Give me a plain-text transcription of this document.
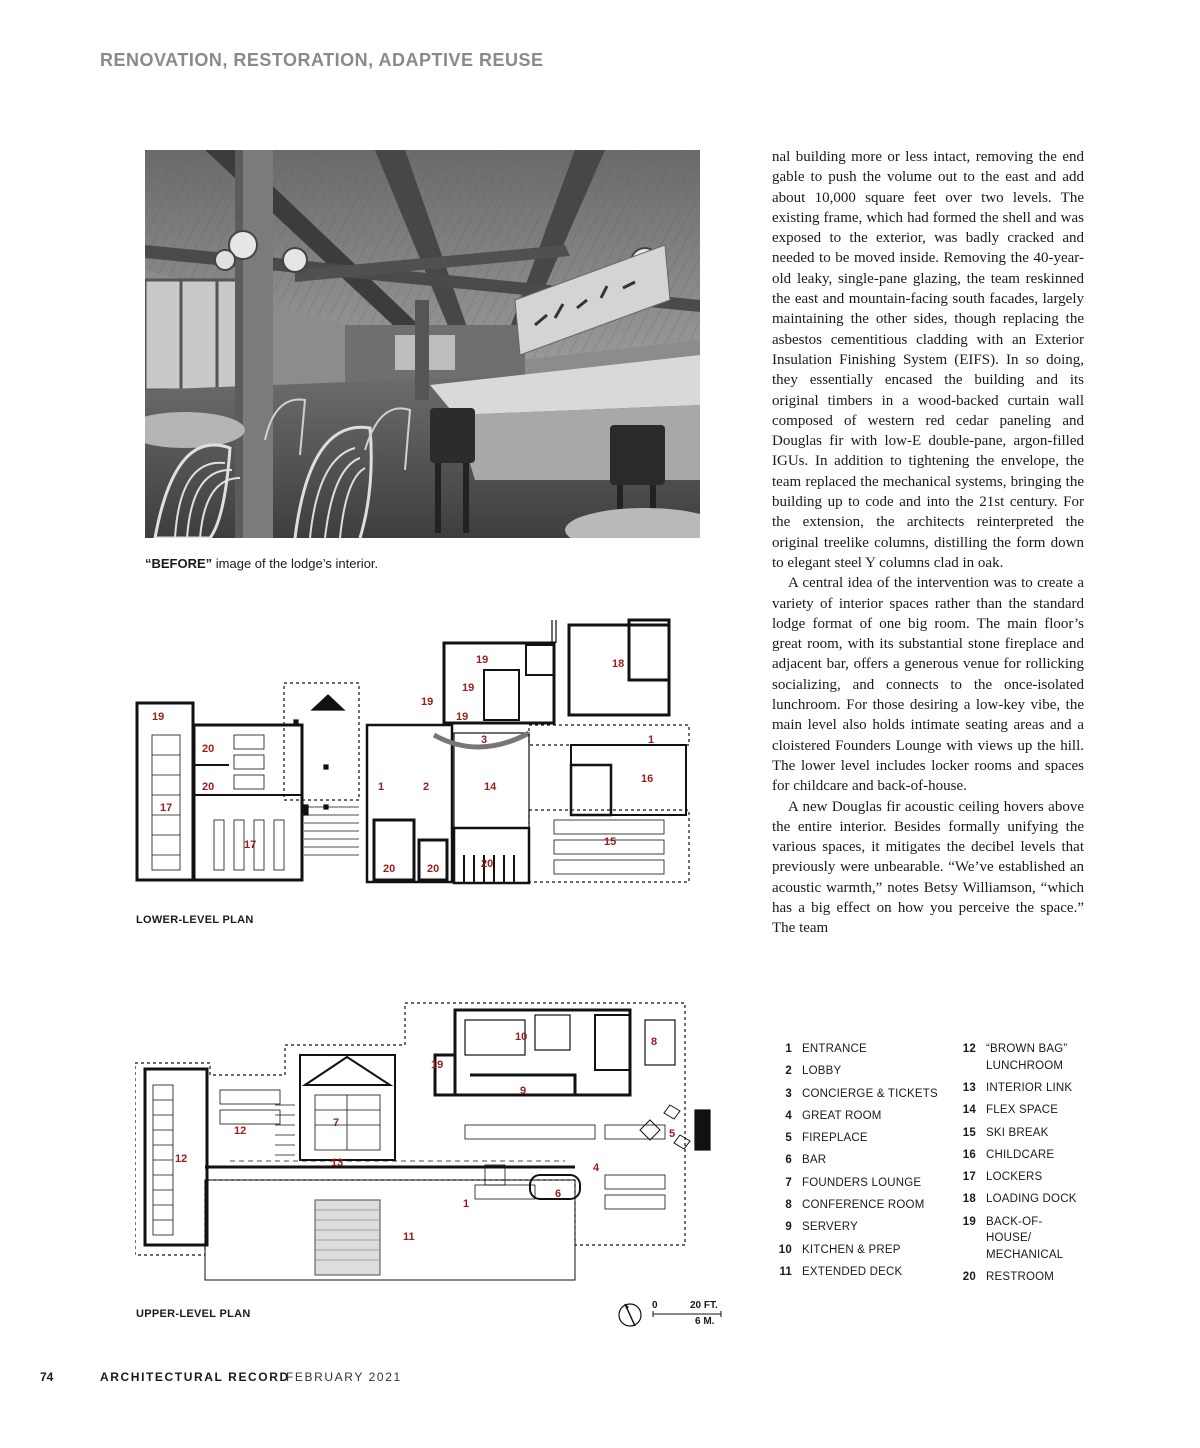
RENOVATION, RESTORATION, ADAPTIVE REUSE
“BEFORE” image of the lodge’s interior.
19
20
20
17
17
19
19
19
19
18
3	1
2
1	14
16
20	20	20
15
LOWER-LEVEL PLAN
10	8
19
9
12
12
7
13
5
4
6
1
11
UPPER-LEVEL PLAN
0	20 FT.
6 M.

nal building more or less intact, removing the end gable to push the volume out to the east and add about 10,000 square feet over two levels. The existing frame, which had formed the shell and was exposed to the exterior, was badly cracked and needed to be moved inside. Removing the 40-year-old leaky, single-pane glazing, the team reskinned the east and mountain-facing south facades, largely maintaining the other sides, though replacing the asbestos cementitious cladding with an Exterior Insulation Finishing System (EIFS). In so doing, they essentially encased the building and its original timbers in a wood-backed curtain wall composed of western red cedar paneling and Douglas fir with low-E double-pane, argon-filled IGUs. In addition to tightening the envelope, the team replaced the mechanical systems, bringing the building up to code and into the 21st century. For the extension, the architects reinterpreted the original treelike columns, distilling the form down to elegant steel Y columns clad in oak.

A central idea of the intervention was to create a variety of interior spaces rather than the standard lodge format of one big room. The main floor’s great room, with its substantial stone fireplace and adjacent bar, offers a generous venue for rollicking socializing, and connects to the once-isolated lunchroom. For those desiring a low-key vibe, the main level also holds intimate seating areas and a cloistered Founders Lounge with views up the hill. The lower level includes locker rooms and spaces for childcare and back-of-house.

A new Douglas fir acoustic ceiling hovers above the entire interior. Besides formally unifying the various spaces, it mitigates the decibel levels that previously were unbearable. “We’ve established an acoustic warmth,” notes Betsy Williamson, “which has a big effect on how you perceive the space.” The team

1 ENTRANCE
2 LOBBY
3 CONCIERGE & TICKETS
4 GREAT ROOM
5 FIREPLACE
6 BAR
7 FOUNDERS LOUNGE
8 CONFERENCE ROOM
9 SERVERY
10 KITCHEN & PREP
11 EXTENDED DECK
12 “BROWN BAG” LUNCHROOM
13 INTERIOR LINK
14 FLEX SPACE
15 SKI BREAK
16 CHILDCARE
17 LOCKERS
18 LOADING DOCK
19 BACK-OF-HOUSE/ MECHANICAL
20 RESTROOM
74	ARCHITECTURAL RECORD
FEBRUARY 2021
